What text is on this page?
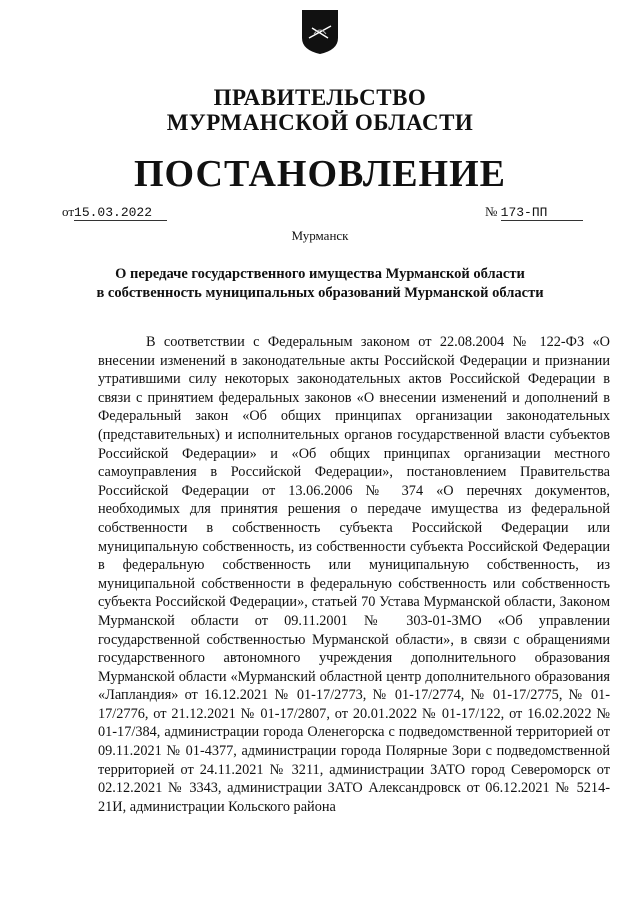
ПРАВИТЕЛЬСТВО
МУРМАНСКОЙ ОБЛАСТИ
ПОСТАНОВЛЕНИЕ
от15.03.2022	№ 173-ПП
Мурманск
О передаче государственного имущества Мурманской области
в собственность муниципальных образований Мурманской области

В соответствии с Федеральным законом от 22.08.2004 № 122-ФЗ «О внесении изменений в законодательные акты Российской Федерации и признании утратившими силу некоторых законодательных актов Российской Федерации в связи с принятием федеральных законов «О внесении изменений и дополнений в Федеральный закон «Об общих принципах организации законодательных (представительных) и исполнительных органов государственной власти субъектов Российской Федерации» и «Об общих принципах организации местного самоуправления в Российской Федерации», постановлением Правительства Российской Федерации от 13.06.2006 № 374 «О перечнях документов, необходимых для принятия решения о передаче имущества из федеральной собственности в собственность субъекта Российской Федерации или муниципальную собственность, из собственности субъекта Российской Федерации в федеральную собственность или муниципальную собственность, из муниципальной собственности в федеральную собственность или собственность субъекта Российской Федерации», статьей 70 Устава Мурманской области, Законом Мурманской области от 09.11.2001 № 303-01-ЗМО «Об управлении государственной собственностью Мурманской области», в связи с обращениями государственного автономного учреждения дополнительного образования Мурманской области «Мурманский областной центр дополнительного образования «Лапландия» от 16.12.2021 № 01-17/2773, № 01-17/2774, № 01-17/2775, № 01-17/2776, от 21.12.2021 № 01-17/2807, от 20.01.2022 № 01-17/122, от 16.02.2022 № 01-17/384, администрации города Оленегорска с подведомственной территорией от 09.11.2021 № 01-4377, администрации города Полярные Зори с подведомственной территорией от 24.11.2021 № 3211, администрации ЗАТО город Североморск от 02.12.2021 № 3343, администрации ЗАТО Александровск от 06.12.2021 № 5214-21И, администрации Кольского района
